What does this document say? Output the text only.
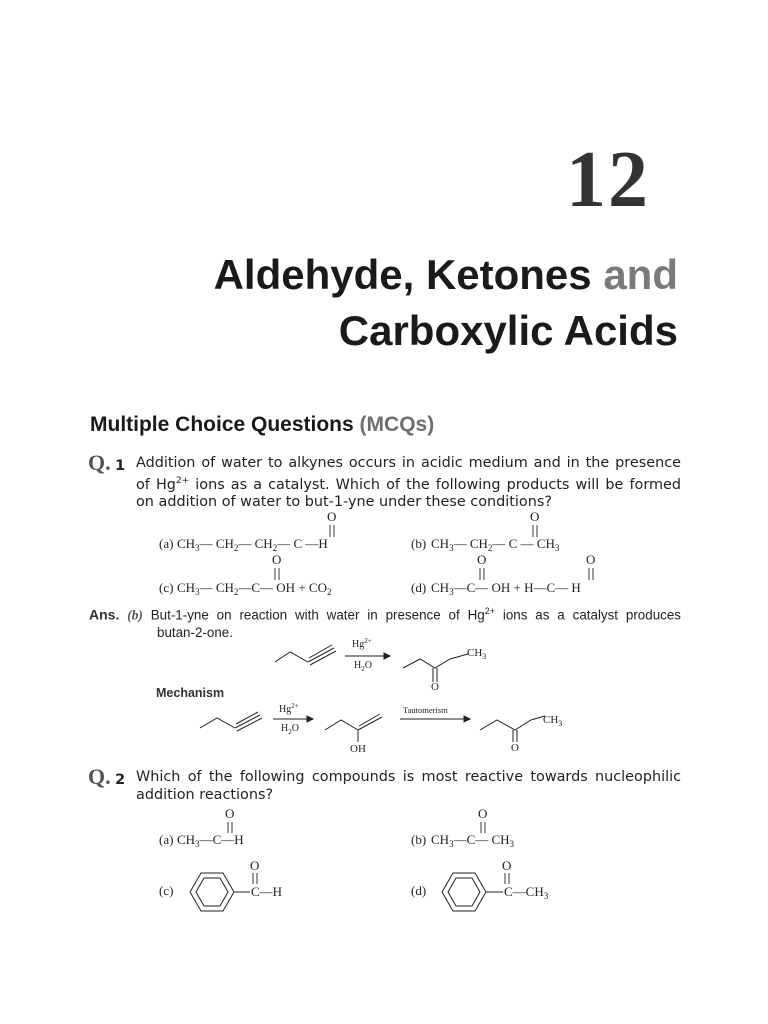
12
Aldehyde, Ketones and
Carboxylic Acids
Multiple Choice Questions (MCQs)
Q. 1 Addition of water to alkynes occurs in acidic medium and in the presence
of $Hg^{2+}$ ions as a catalyst. Which of the following products will be formed
on addition of water to but-1-yne under these conditions?
(a) $CH_3—$ $CH_2—$ $CH_2—$ C —H
O
(b) $CH_3—$ $CH_2—$ C — $CH_3$
O
(c) $CH_3—$ $CH_2—C—$ OH + $CO_2$
O
(d) $CH_3—C—$ OH + H—C— H
O	O
Ans. (b) But-1-yne on reaction with water in presence of $Hg^{2+}$ ions as a catalyst produces
butan-2-one.
$Hg^{2+}$
$H_2O$
$CH_3$
O
Mechanism
$Hg^{2+}$
$H_2O$
Tautomerism
OH
$CH_3$
O
Q. 2 Which of the following compounds is most reactive towards nucleophilic
addition reactions?
(a) $CH_3—C—H$
O
(b) $CH_3—C—$ $CH_3$
O
(c)	C—H
O
(d)	$C—CH_3$
O
